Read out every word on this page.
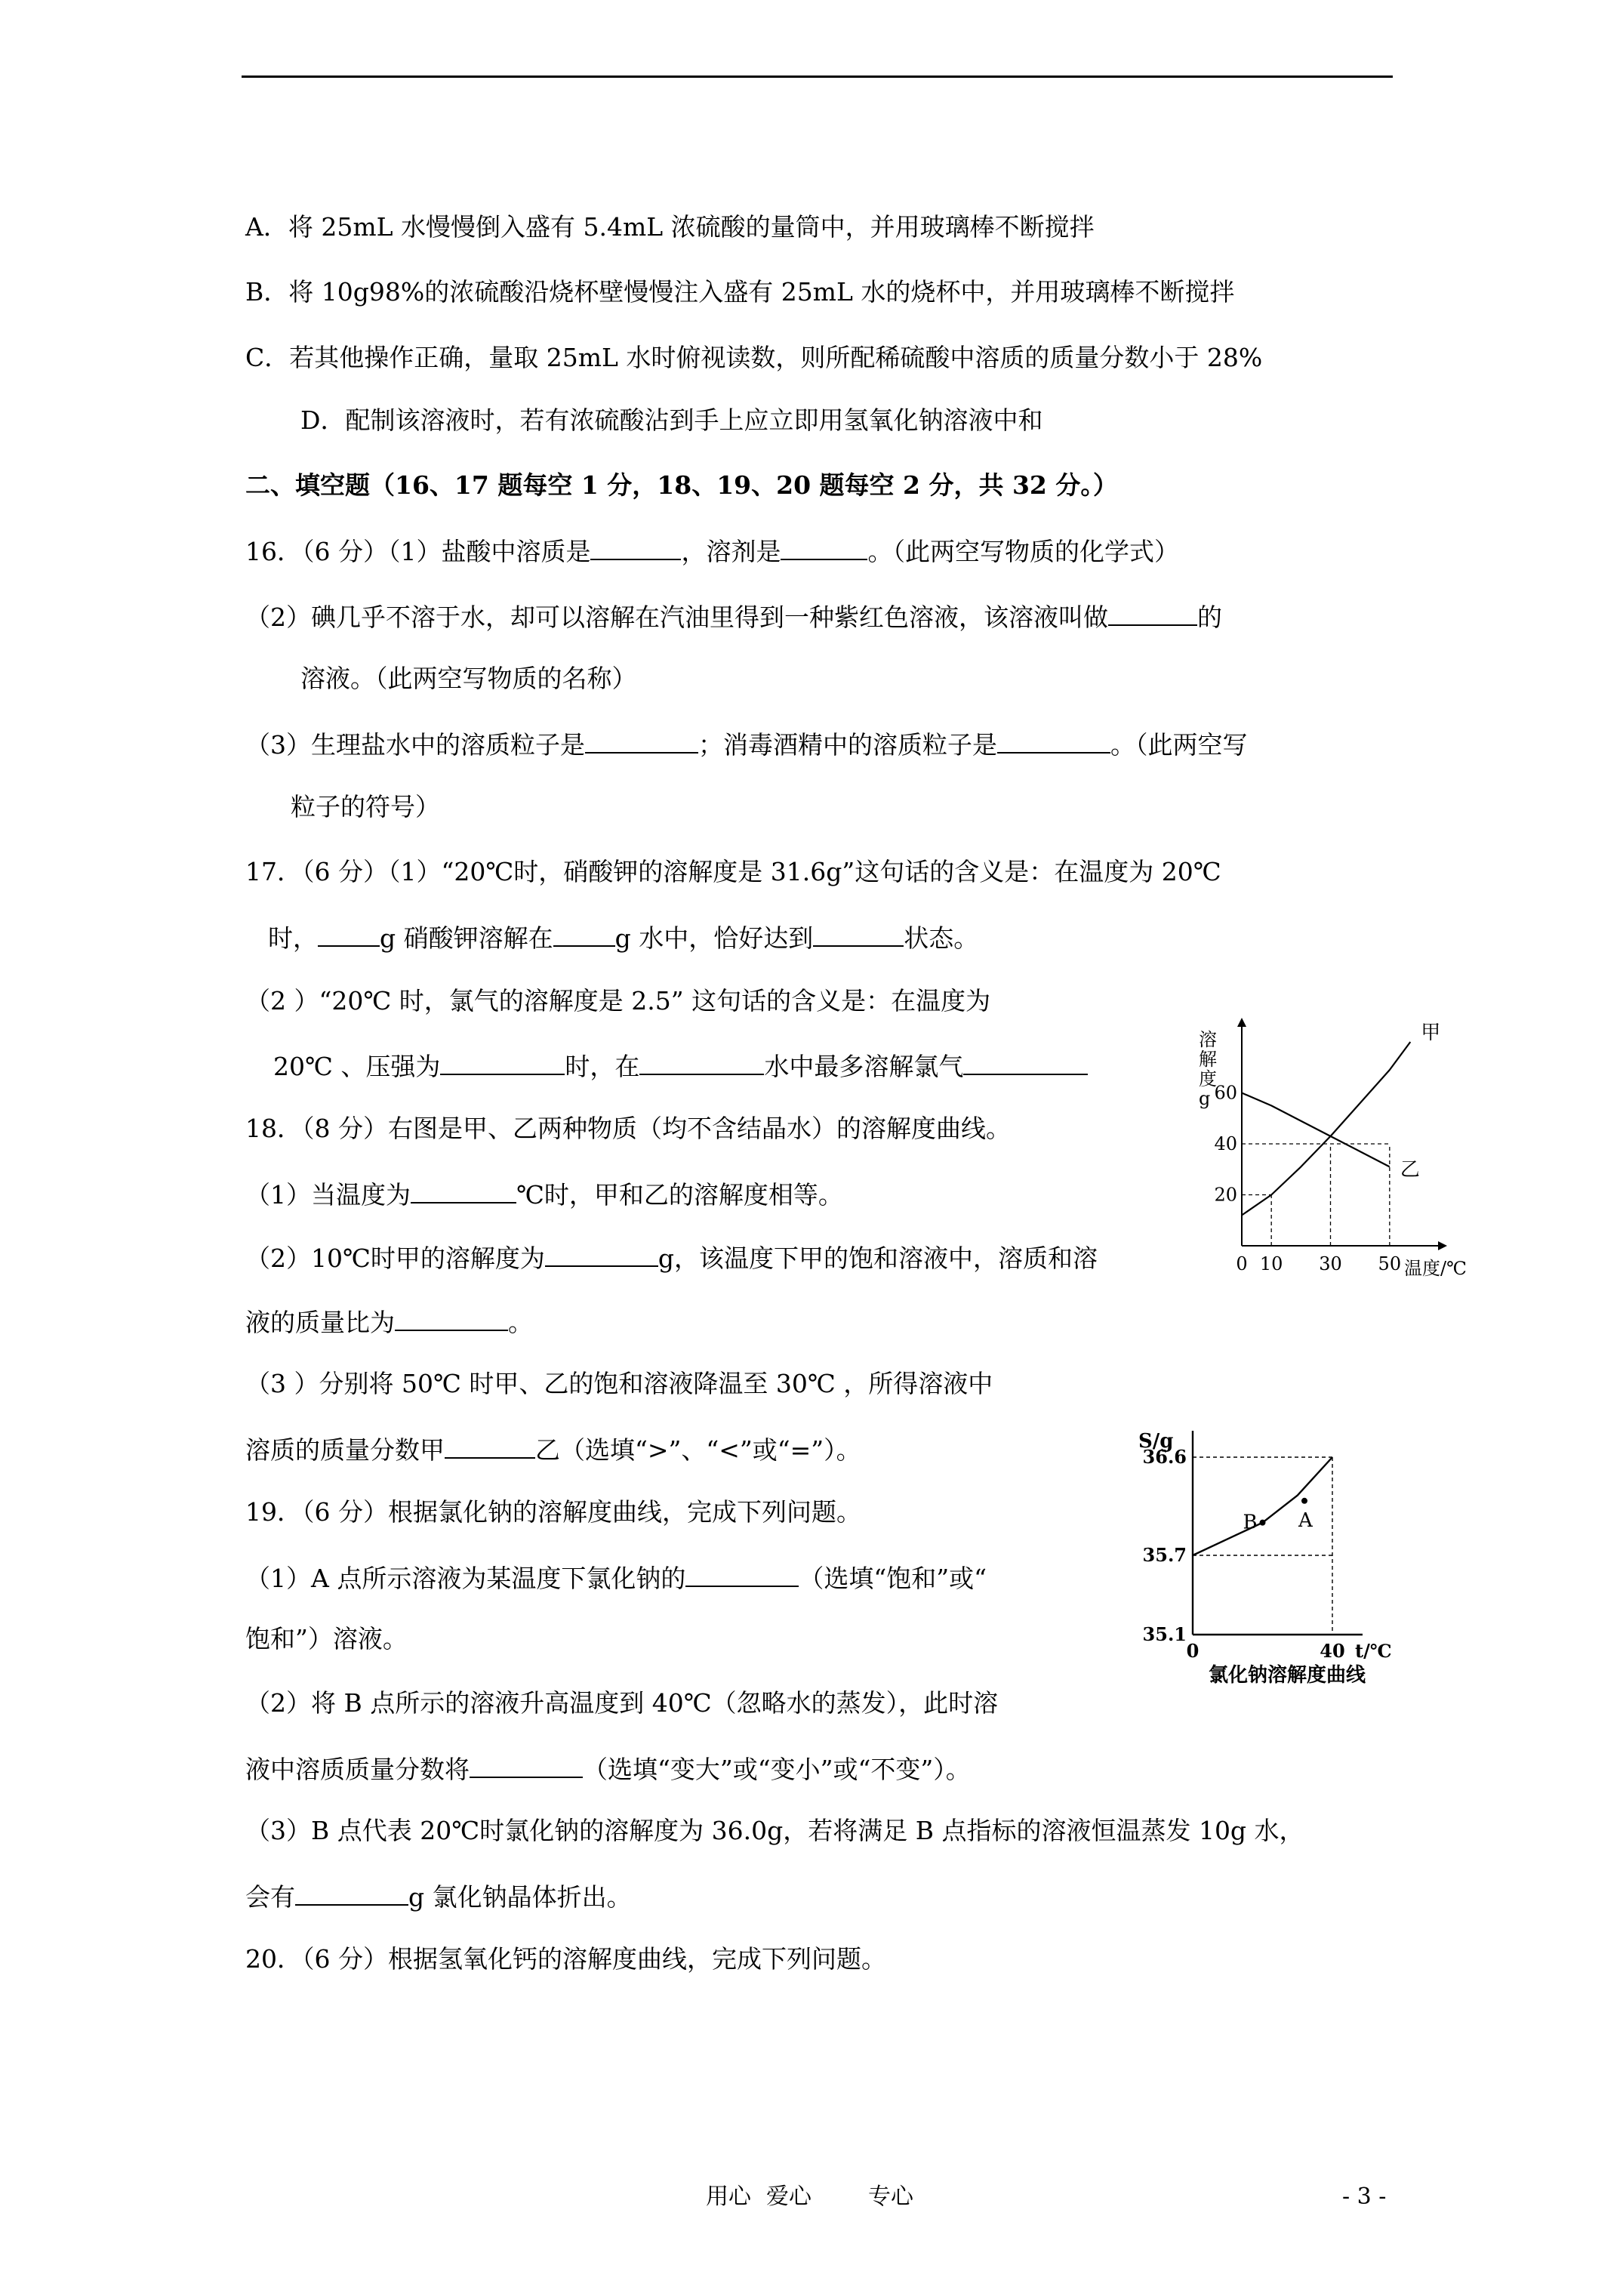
A．将 25mL 水慢慢倒入盛有 5.4mL 浓硫酸的量筒中，并用玻璃棒不断搅拌
B．将 10g98%的浓硫酸沿烧杯壁慢慢注入盛有 25mL 水的烧杯中，并用玻璃棒不断搅拌
C．若其他操作正确，量取 25mL 水时俯视读数，则所配稀硫酸中溶质的质量分数小于 28%
D．配制该溶液时，若有浓硫酸沾到手上应立即用氢氧化钠溶液中和
二、填空题（16、17 题每空 1 分，18、19、20 题每空 2 分，共 32 分。）
16．（6 分）（1）盐酸中溶质是	，溶剂是	。（此两空写物质的化学式）
（2）碘几乎不溶于水，却可以溶解在汽油里得到一种紫红色溶液，该溶液叫做	的
溶液。（此两空写物质的名称）
（3）生理盐水中的溶质粒子是	；消毒酒精中的溶质粒子是	。（此两空写
粒子的符号）
17．（6 分）（1）“20℃时，硝酸钾的溶解度是 31.6g”这句话的含义是：在温度为 20℃
时， g 硝酸钾溶解在 g 水中，恰好达到	状态。
（2 ）“20℃ 时，氯气的溶解度是 2.5” 这句话的含义是：在温度为
20℃ 、压强为	时，在	水中最多溶解氯气
18．（8 分）右图是甲、乙两种物质（均不含结晶水）的溶解度曲线。
（1）当温度为	℃时，甲和乙的溶解度相等。
（2）10℃时甲的溶解度为	g，该温度下甲的饱和溶液中，溶质和溶
液的质量比为	。
（3 ）分别将 50℃ 时甲、乙的饱和溶液降温至 30℃ ，所得溶液中
溶质的质量分数甲	乙（选填“>”、“<”或“=”）。
19．（6 分）根据氯化钠的溶解度曲线，完成下列问题。
（1）A 点所示溶液为某温度下氯化钠的	（选填“饱和”或“
饱和”）溶液。
（2）将 B 点所示的溶液升高温度到 40℃（忽略水的蒸发），此时溶
液中溶质质量分数将	（选填“变大”或“变小”或“不变”）。
（3）B 点代表 20℃时氯化钠的溶解度为 36.0g，若将满足 B 点指标的溶液恒温蒸发 10g 水，
会有	g 氯化钠晶体折出。
20．（6 分）根据氢氧化钙的溶解度曲线，完成下列问题。
0 10 30 50
20
40
60
甲
乙
溶
解
度
g
温度/℃
35.1
35.7
36.6
0	40
B A
S/g
t/℃
氯化钠溶解度曲线
用心 爱心	专心	- 3 -
